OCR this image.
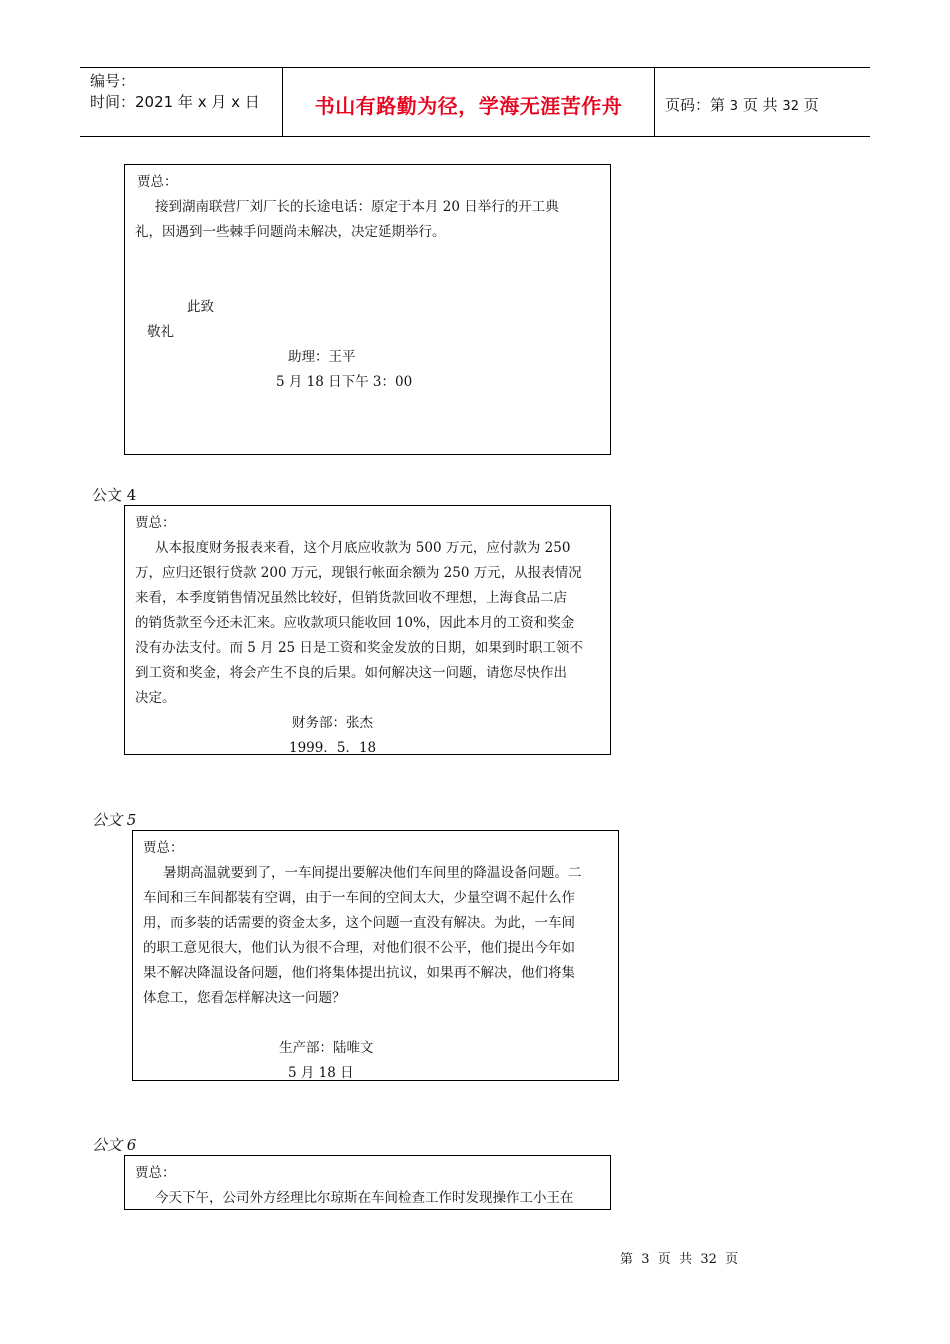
编号：
时间：2021 年 x 月 x 日	书山有路勤为径，学海无涯苦作舟	页码：第 3 页 共 32 页
贾总：
接到湖南联营厂刘厂长的长途电话：原定于本月 20 日举行的开工典
礼，因遇到一些棘手问题尚未解决，决定延期举行。
此致
敬礼
助理：王平
5 月 18 日下午 3：00
公文 4
贾总：
从本报度财务报表来看，这个月底应收款为 500 万元，应付款为 250
万，应归还银行贷款 200 万元，现银行帐面余额为 250 万元，从报表情况
来看，本季度销售情况虽然比较好，但销货款回收不理想，上海食品二店
的销货款至今还未汇来。应收款项只能收回 10%，因此本月的工资和奖金
没有办法支付。而 5 月 25 日是工资和奖金发放的日期，如果到时职工领不
到工资和奖金，将会产生不良的后果。如何解决这一问题，请您尽快作出
决定。
财务部：张杰
1999．5．18
公文 5
贾总：
暑期高温就要到了，一车间提出要解决他们车间里的降温设备问题。二
车间和三车间都装有空调，由于一车间的空间太大，少量空调不起什么作
用，而多装的话需要的资金太多，这个问题一直没有解决。为此，一车间
的职工意见很大，他们认为很不合理，对他们很不公平，他们提出今年如
果不解决降温设备问题，他们将集体提出抗议，如果再不解决，他们将集
体怠工，您看怎样解决这一问题？
生产部：陆唯文
5 月 18 日
公文 6
贾总：
今天下午，公司外方经理比尔琼斯在车间检查工作时发现操作工小王在
第  3  页  共  32  页
